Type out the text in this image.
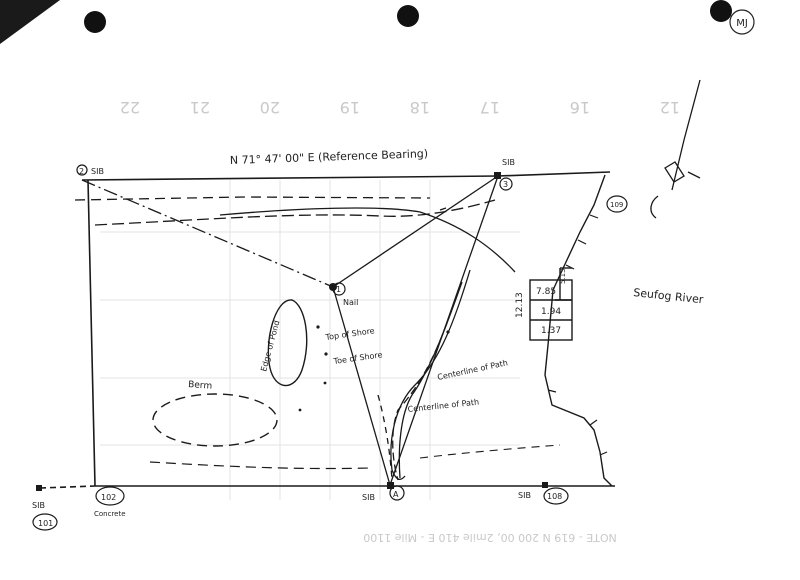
MJ
12
16
17
18
19
20
21
22
NOTE - 619 N 200 00, 2mile 410 E - Mile 1100
7.85
1.94
1.37
5.13
12.13
2 SIB
3
SIB
1
Nail
A
SIB
102
Concrete
108
SIB
101
SIB
109
N 71° 47' 00" E (Reference Bearing)
Top of Shore
Toe of Shore
Edge of Pond
Berm
Centerline of Path
Centerline of Path
Seufog River
